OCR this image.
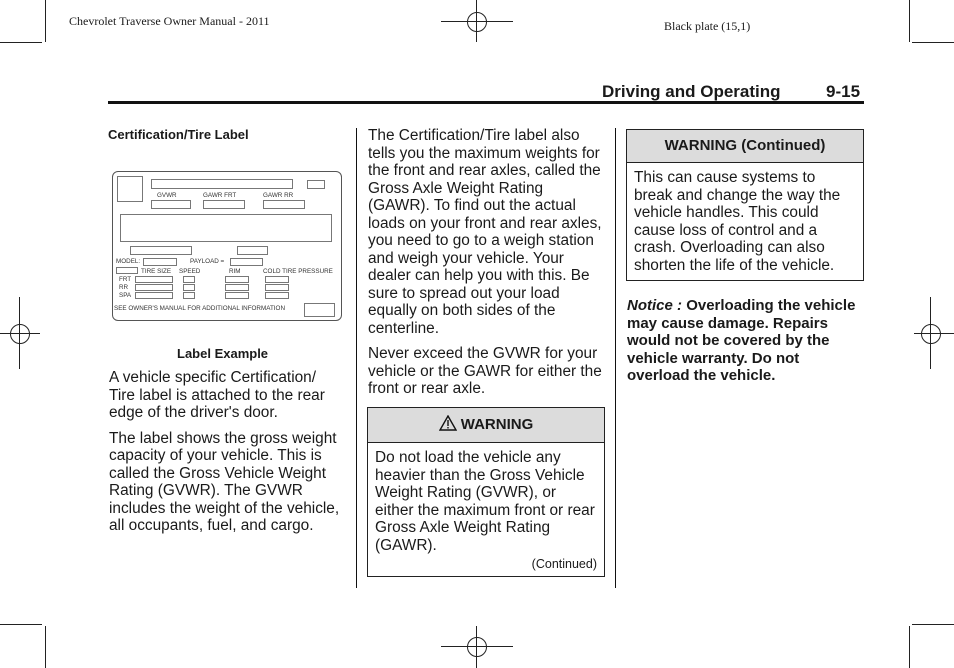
Chevrolet Traverse Owner Manual - 2011	Black plate (15,1)
Driving and Operating	9-15
Certification/Tire Label
GVWR	GAWR FRT	GAWR RR
MODEL:	PAYLOAD =
TIRE SIZE SPEED	RIM	COLD TIRE PRESSURE
FRT
RR
SPA
SEE OWNER'S MANUAL FOR ADDITIONAL INFORMATION
Label Example

A vehicle specific Certification/ Tire label is attached to the rear edge of the driver's door.

The label shows the gross weight capacity of your vehicle. This is called the Gross Vehicle Weight Rating (GVWR). The GVWR includes the weight of the vehicle, all occupants, fuel, and cargo.

The Certification/Tire label also tells you the maximum weights for the front and rear axles, called the Gross Axle Weight Rating (GAWR). To find out the actual loads on your front and rear axles, you need to go to a weigh station and weigh your vehicle. Your dealer can help you with this. Be sure to spread out your load equally on both sides of the centerline.

Never exceed the GVWR for your vehicle or the GAWR for either the front or rear axle.

WARNING
Do not load the vehicle any heavier than the Gross Vehicle Weight Rating (GVWR), or either the maximum front or rear Gross Axle Weight Rating (GAWR).
(Continued)
WARNING (Continued)
This can cause systems to break and change the way the vehicle handles. This could cause loss of control and a crash. Overloading can also shorten the life of the vehicle.
Notice : Overloading the vehicle may cause damage. Repairs would not be covered by the vehicle warranty. Do not overload the vehicle.
